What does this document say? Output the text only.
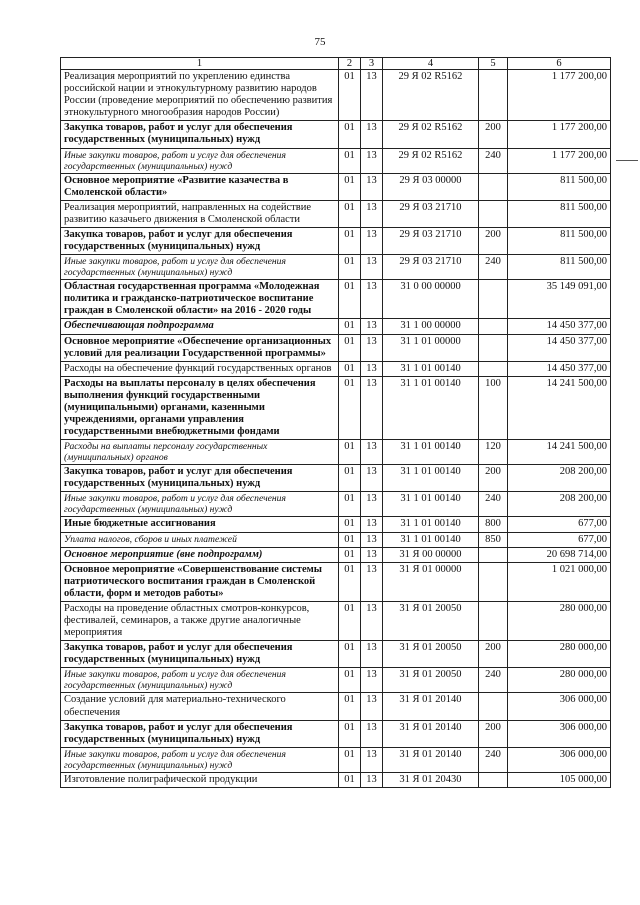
75
1	2	3	4	5	6
Реализация мероприятий по укреплению единства российской нации и этнокультурному развитию народов России (проведение мероприятий по обеспечению развития этнокультурного многообразия народов России)	01	13	29 Я 02 R5162		1 177 200,00
Закупка товаров, работ и услуг для обеспечения государственных (муниципальных) нужд	01	13	29 Я 02 R5162	200	1 177 200,00
Иные закупки товаров, работ и услуг для обеспечения государственных (муниципальных) нужд	01	13	29 Я 02 R5162	240	1 177 200,00
Основное мероприятие «Развитие казачества в Смоленской области»	01	13	29 Я 03 00000		811 500,00
Реализация мероприятий, направленных на содействие развитию казачьего движения в Смоленской области	01	13	29 Я 03 21710		811 500,00
Закупка товаров, работ и услуг для обеспечения государственных (муниципальных) нужд	01	13	29 Я 03 21710	200	811 500,00
Иные закупки товаров, работ и услуг для обеспечения государственных (муниципальных) нужд	01	13	29 Я 03 21710	240	811 500,00
Областная государственная программа «Молодежная политика и гражданско-патриотическое воспитание граждан в Смоленской области» на 2016 - 2020 годы	01	13	31 0 00 00000		35 149 091,00
Обеспечивающая подпрограмма	01	13	31 1 00 00000		14 450 377,00
Основное мероприятие «Обеспечение организационных условий для реализации Государственной программы»	01	13	31 1 01 00000		14 450 377,00
Расходы на обеспечение функций государственных органов	01	13	31 1 01 00140		14 450 377,00
Расходы на выплаты персоналу в целях обеспечения выполнения функций государственными (муниципальными) органами, казенными учреждениями, органами управления государственными внебюджетными фондами	01	13	31 1 01 00140	100	14 241 500,00
Расходы на выплаты персоналу государственных (муниципальных) органов	01	13	31 1 01 00140	120	14 241 500,00
Закупка товаров, работ и услуг для обеспечения государственных (муниципальных) нужд	01	13	31 1 01 00140	200	208 200,00
Иные закупки товаров, работ и услуг для обеспечения государственных (муниципальных) нужд	01	13	31 1 01 00140	240	208 200,00
Иные бюджетные ассигнования	01	13	31 1 01 00140	800	677,00
Уплата налогов, сборов и иных платежей	01	13	31 1 01 00140	850	677,00
Основное мероприятие (вне подпрограмм)	01	13	31 Я 00 00000		20 698 714,00
Основное мероприятие «Совершенствование системы патриотического воспитания граждан в Смоленской области, форм и методов работы»	01	13	31 Я 01 00000		1 021 000,00
Расходы на проведение областных смотров-конкурсов, фестивалей, семинаров, а также другие аналогичные мероприятия	01	13	31 Я 01 20050		280 000,00
Закупка товаров, работ и услуг для обеспечения государственных (муниципальных) нужд	01	13	31 Я 01 20050	200	280 000,00
Иные закупки товаров, работ и услуг для обеспечения государственных (муниципальных) нужд	01	13	31 Я 01 20050	240	280 000,00
Создание условий для материально-технического обеспечения	01	13	31 Я 01 20140		306 000,00
Закупка товаров, работ и услуг для обеспечения государственных (муниципальных) нужд	01	13	31 Я 01 20140	200	306 000,00
Иные закупки товаров, работ и услуг для обеспечения государственных (муниципальных) нужд	01	13	31 Я 01 20140	240	306 000,00
Изготовление полиграфической продукции	01	13	31 Я 01 20430		105 000,00
